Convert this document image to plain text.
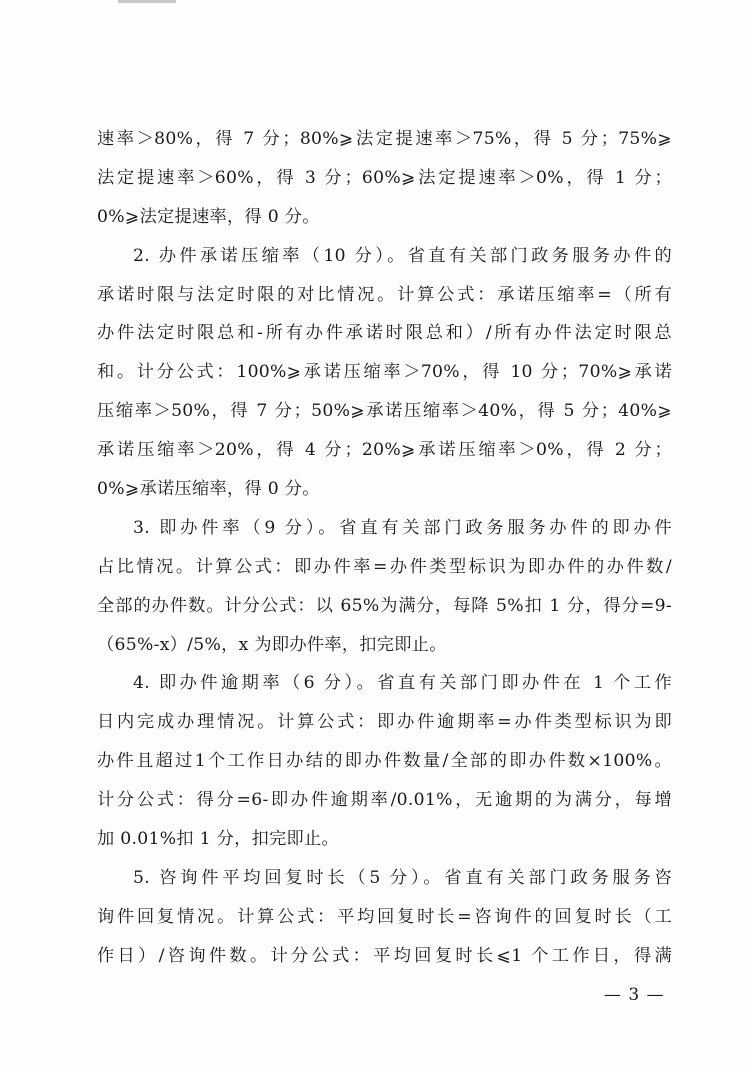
速率＞80%，得 7 分；80%⩾法定提速率＞75%，得 5 分；75%⩾
法定提速率＞60%，得 3 分；60%⩾法定提速率＞0%，得 1 分；
0%⩾法定提速率，得 0 分。
2. 办件承诺压缩率（10 分）。省直有关部门政务服务办件的
承诺时限与法定时限的对比情况。计算公式：承诺压缩率=（所有
办件法定时限总和-所有办件承诺时限总和）/所有办件法定时限总
和。计分公式：100%⩾承诺压缩率＞70%，得 10 分；70%⩾承诺
压缩率＞50%，得 7 分；50%⩾承诺压缩率＞40%，得 5 分；40%⩾
承诺压缩率＞20%，得 4 分；20%⩾承诺压缩率＞0%，得 2 分；
0%⩾承诺压缩率，得 0 分。
3. 即办件率（9 分）。省直有关部门政务服务办件的即办件
占比情况。计算公式：即办件率=办件类型标识为即办件的办件数/
全部的办件数。计分公式：以 65%为满分，每降 5%扣 1 分，得分=9-
（65%-x）/5%，x 为即办件率，扣完即止。
4. 即办件逾期率（6 分）。省直有关部门即办件在 1 个工作
日内完成办理情况。计算公式：即办件逾期率=办件类型标识为即
办件且超过1个工作日办结的即办件数量/全部的即办件数×100%。
计分公式：得分=6-即办件逾期率/0.01%，无逾期的为满分，每增
加 0.01%扣 1 分，扣完即止。
5. 咨询件平均回复时长（5 分）。省直有关部门政务服务咨
询件回复情况。计算公式：平均回复时长=咨询件的回复时长（工
作日）/咨询件数。计分公式：平均回复时长⩽1 个工作日，得满
— 3 —
